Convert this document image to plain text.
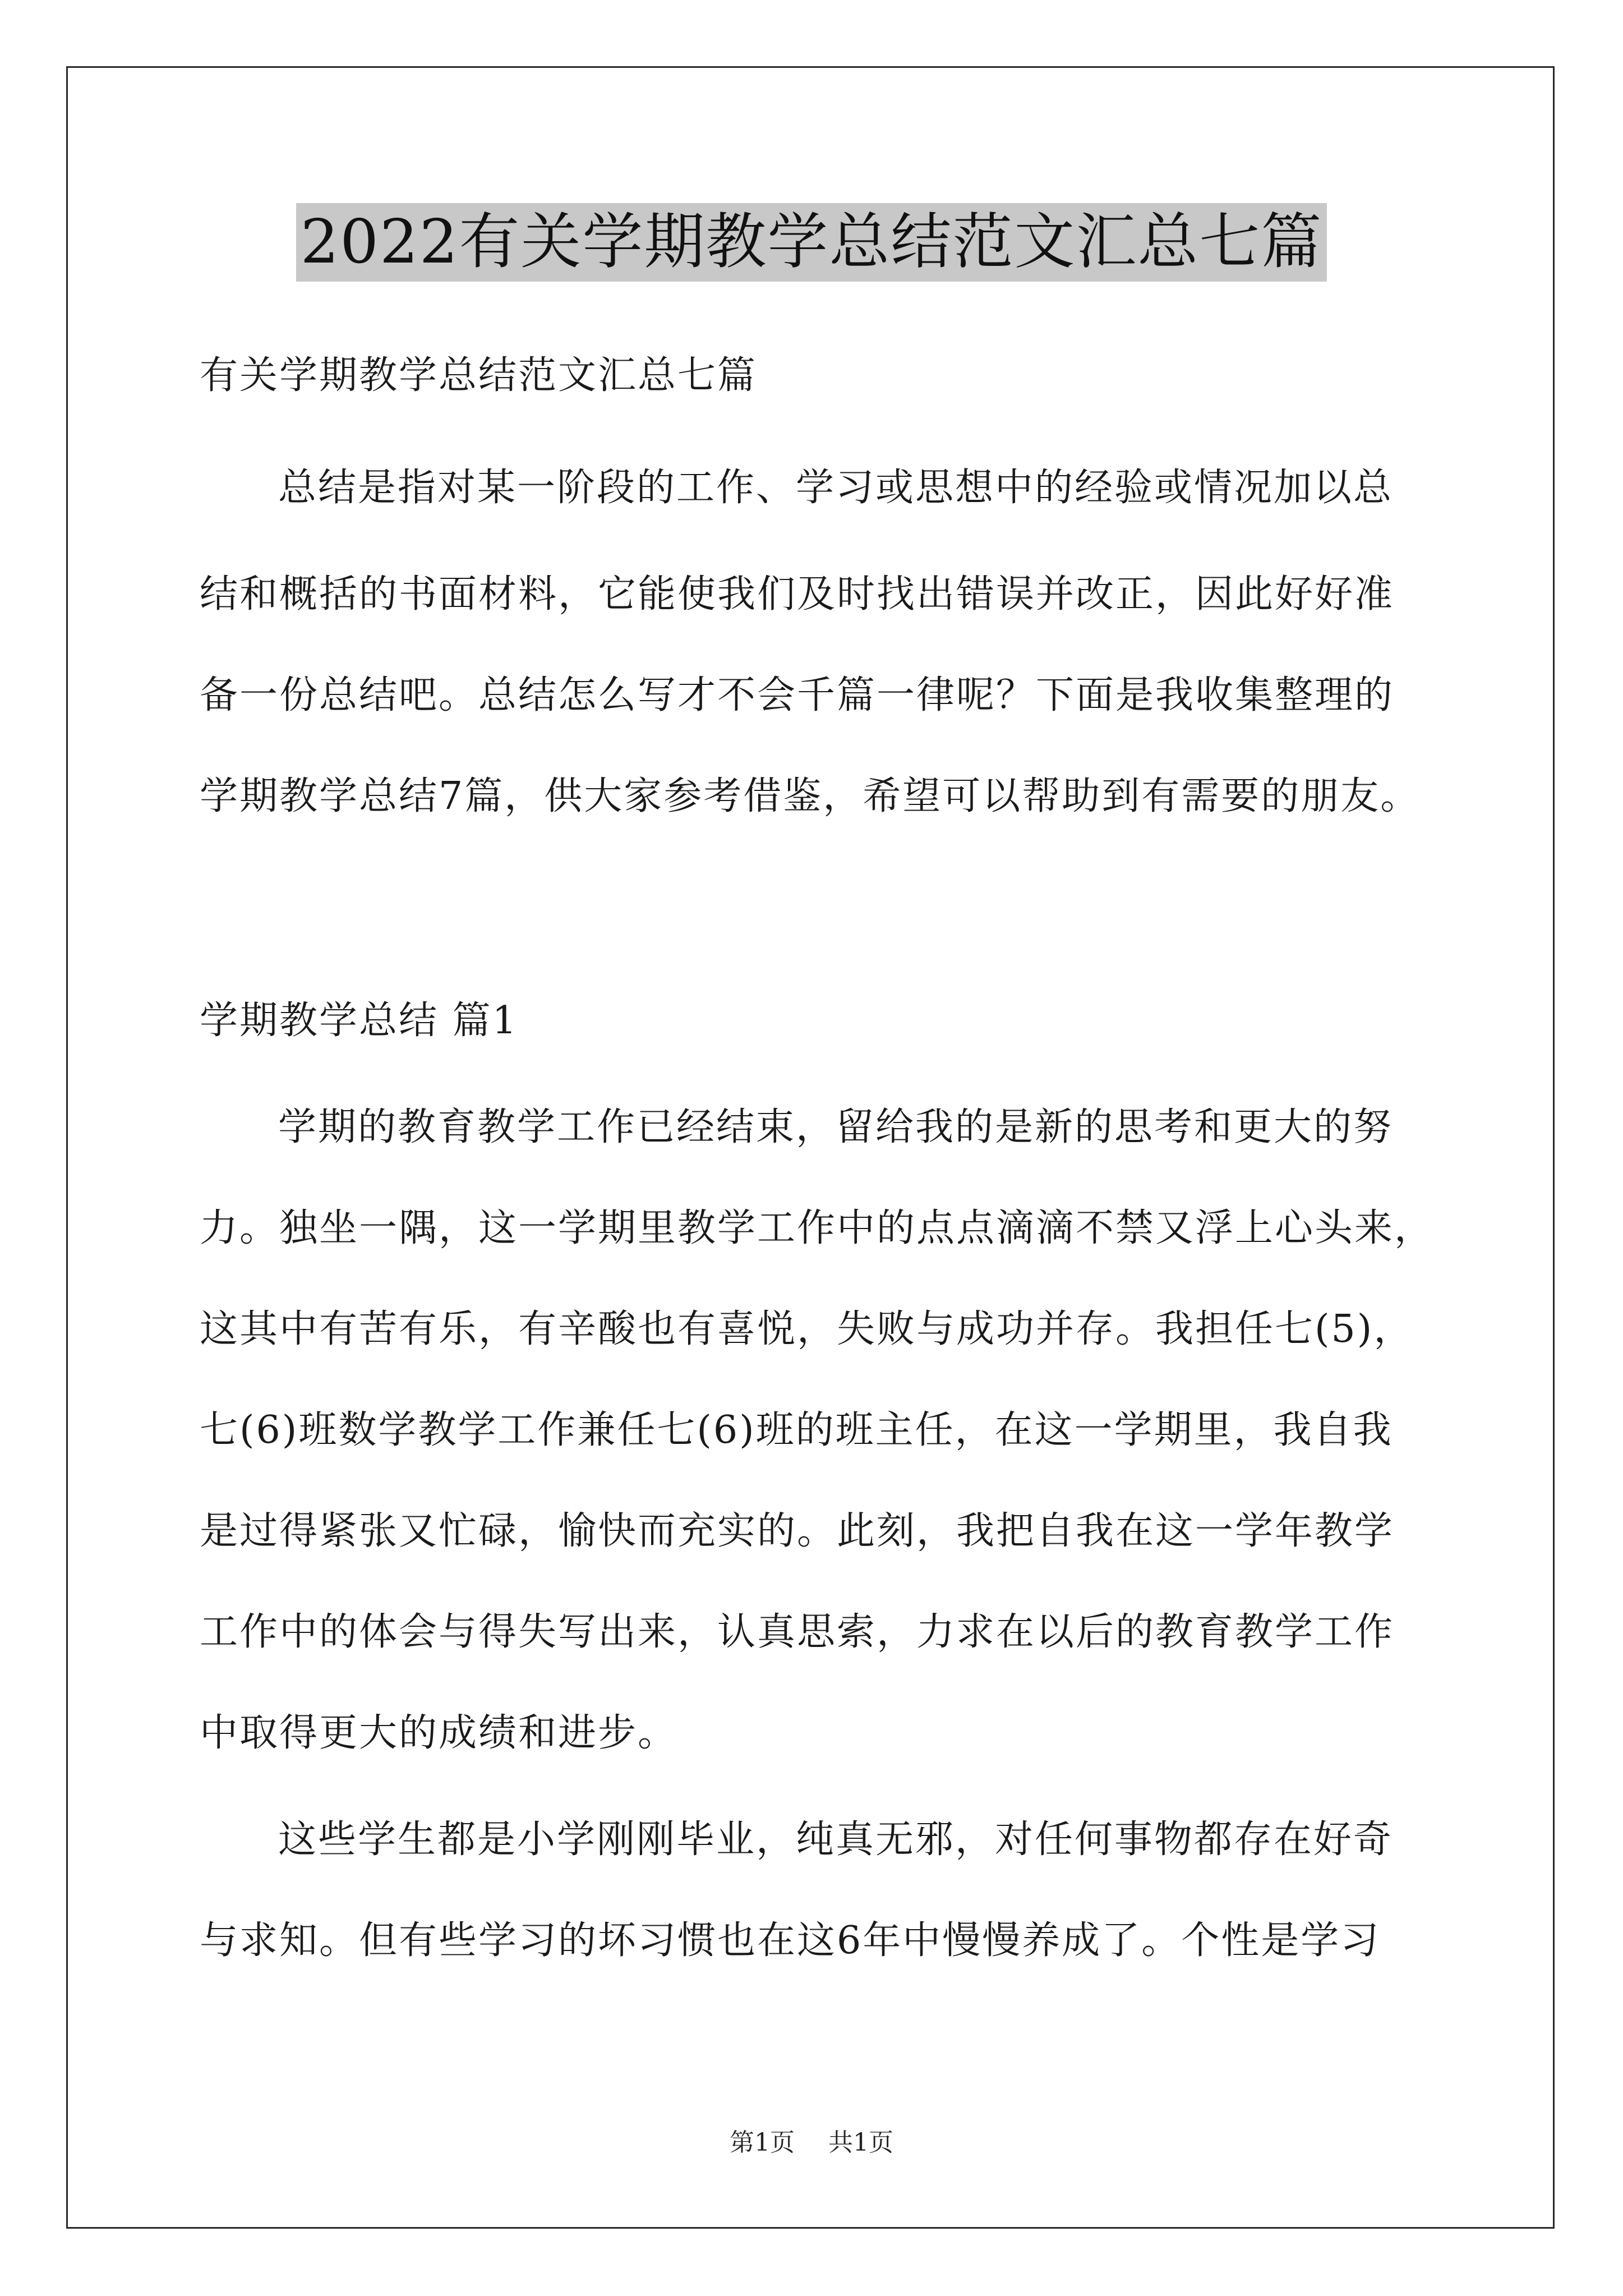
2022有关学期教学总结范文汇总七篇
有关学期教学总结范文汇总七篇
总结是指对某一阶段的工作、学习或思想中的经验或情况加以总
结和概括的书面材料，它能使我们及时找出错误并改正，因此好好准
备一份总结吧。总结怎么写才不会千篇一律呢？下面是我收集整理的
学期教学总结7篇，供大家参考借鉴，希望可以帮助到有需要的朋友。
学期教学总结 篇1
学期的教育教学工作已经结束，留给我的是新的思考和更大的努
力。独坐一隅，这一学期里教学工作中的点点滴滴不禁又浮上心头来，
这其中有苦有乐，有辛酸也有喜悦，失败与成功并存。我担任七(5)，
七(6)班数学教学工作兼任七(6)班的班主任，在这一学期里，我自我
是过得紧张又忙碌，愉快而充实的。此刻，我把自我在这一学年教学
工作中的体会与得失写出来，认真思索，力求在以后的教育教学工作
中取得更大的成绩和进步。
这些学生都是小学刚刚毕业，纯真无邪，对任何事物都存在好奇
与求知。但有些学习的坏习惯也在这6年中慢慢养成了。个性是学习
第1页 共1页
